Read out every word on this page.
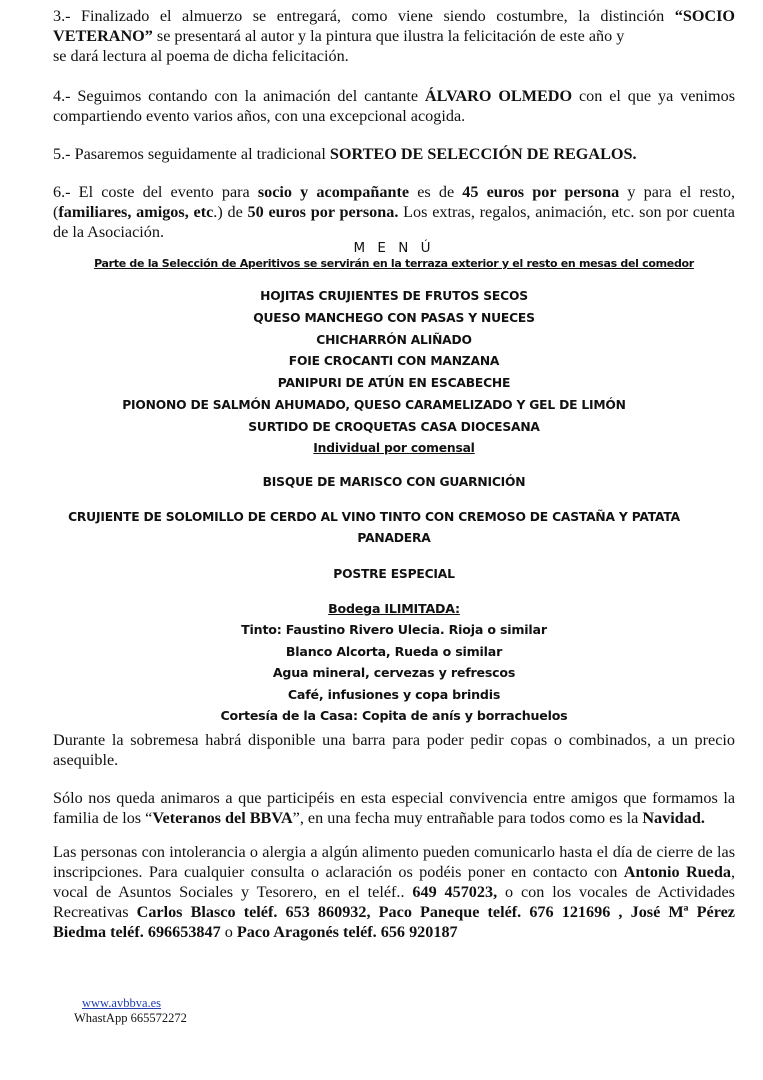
3.- Finalizado el almuerzo se entregará, como viene siendo costumbre, la distinción “SOCIO VETERANO” se presentará al autor y la pintura que ilustra la felicitación de este año y
se dará lectura al poema de dicha felicitación.
4.- Seguimos contando con la animación del cantante ÁLVARO OLMEDO con el que ya venimos compartiendo evento varios años, con una excepcional acogida.
5.- Pasaremos seguidamente al tradicional SORTEO DE SELECCIÓN DE REGALOS.
6.- El coste del evento para socio y acompañante es de 45 euros por persona y para el resto, (familiares, amigos, etc.) de 50 euros por persona. Los extras, regalos, animación, etc. son por cuenta de la Asociación.
M E N Ú
Parte de la Selección de Aperitivos se servirán en la terraza exterior y el resto en mesas del comedor
HOJITAS CRUJIENTES DE FRUTOS SECOS
QUESO MANCHEGO CON PASAS Y NUECES
CHICHARRÓN ALIÑADO
FOIE CROCANTI CON MANZANA
PANIPURI DE ATÚN EN ESCABECHE
PIONONO DE SALMÓN AHUMADO, QUESO CARAMELIZADO Y GEL DE LIMÓN
SURTIDO DE CROQUETAS CASA DIOCESANA
Individual por comensal
BISQUE DE MARISCO CON GUARNICIÓN
CRUJIENTE DE SOLOMILLO DE CERDO AL VINO TINTO CON CREMOSO DE CASTAÑA Y PATATA
PANADERA
POSTRE ESPECIAL
Bodega ILIMITADA:
Tinto: Faustino Rivero Ulecia. Rioja o similar
Blanco Alcorta, Rueda o similar
Agua mineral, cervezas y refrescos
Café, infusiones y copa brindis
Cortesía de la Casa: Copita de anís y borrachuelos
Durante la sobremesa habrá disponible una barra para poder pedir copas o combinados, a un precio asequible.
Sólo nos queda animaros a que participéis en esta especial convivencia entre amigos que formamos la familia de los “Veteranos del BBVA”, en una fecha muy entrañable para todos como es la Navidad.
Las personas con intolerancia o alergia a algún alimento pueden comunicarlo hasta el día de cierre de las inscripciones. Para cualquier consulta o aclaración os podéis poner en contacto con Antonio Rueda, vocal de Asuntos Sociales y Tesorero, en el teléf.. 649 457023, o con los vocales de Actividades Recreativas Carlos Blasco teléf. 653 860932, Paco Paneque teléf. 676 121696 , José Mª Pérez Biedma teléf. 696653847 o Paco Aragonés teléf. 656 920187
www.avbbva.es
WhastApp 665572272
